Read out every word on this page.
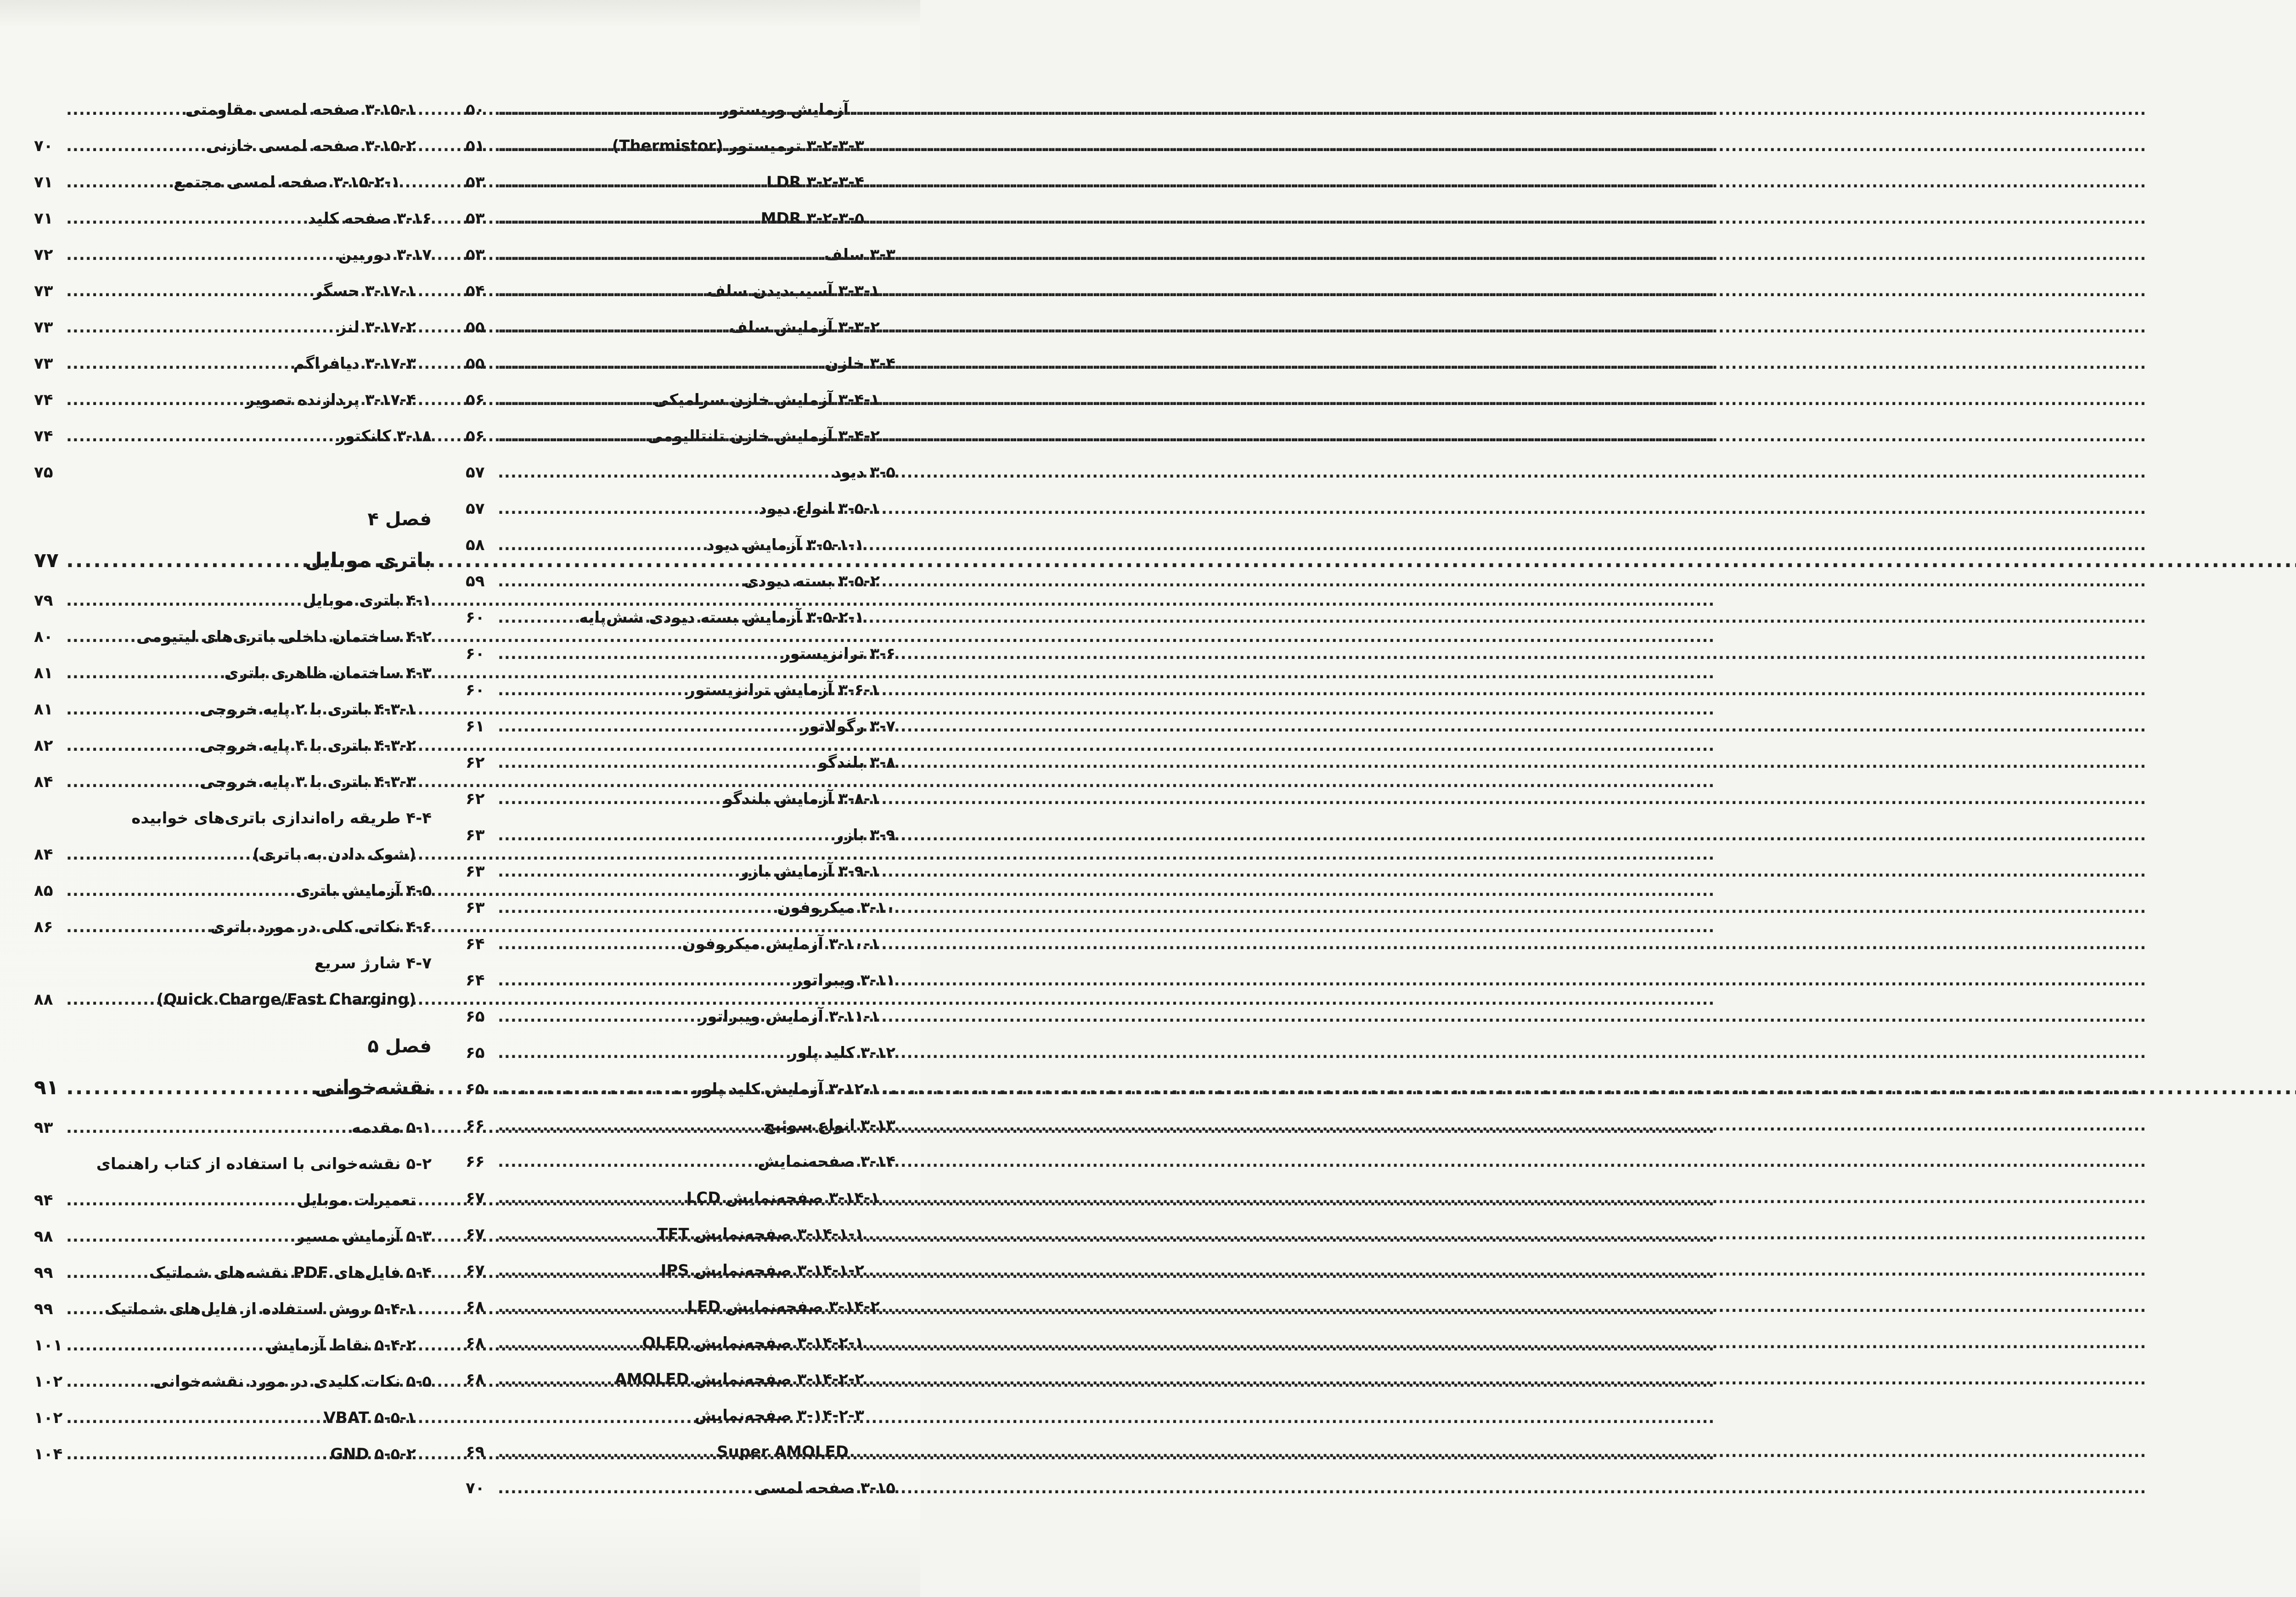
آزمایش وریستور
.....
۵۰
۳-۲-۳-۳ ترمیستور (Thermistor)
.....
۵۱
۳-۲-۳-۴ LDR
.....
۵۳
۳-۲-۳-۵ MDR
.....
۵۳
۳-۳ سلف
.....
۵۳
۳-۳-۱ آسیب‌دیدن سلف
.....
۵۴
۳-۳-۲ آزمایش سلف
.....
۵۵
۳-۴ خازن
.....
۵۵
۳-۴-۱ آزمایش خازن سرامیکی
.....
۵۶
۳-۴-۲ آزمایش خازن تانتالیومی
.....
۵۶
۳-۵ دیود
.....
۵۷
۳-۵-۱ انواع دیود
.....
۵۷
۳-۵-۱-۱ آزمایش دیود
.....
۵۸
۳-۵-۲ بسته دیودی
.....
۵۹
۳-۵-۲-۱ آزمایش بسته دیودی شش‌پایه
.....
۶۰
۳-۶ ترانزیستور
.....
۶۰
۳-۶-۱ آزمایش ترانزیستور
.....
۶۰
۳-۷ رگولاتور
.....
۶۱
۳-۸ بلندگو
.....
۶۲
۳-۸-۱ آزمایش بلندگو
.....
۶۲
۳-۹ بازر
.....
۶۳
۳-۹-۱ آزمایش بازر
.....
۶۳
۳-۱۰ میکروفون
.....
۶۳
۳-۱۰-۱ آزمایش میکروفون
.....
۶۴
۳-۱۱ ویبراتور
.....
۶۴
۳-۱۱-۱ آزمایش ویبراتور
.....
۶۵
۳-۱۲ کلید پاور
.....
۶۵
۳-۱۲-۱ آزمایش کلید پاور
.....
۶۵
۳-۱۳ انواع سوئیچ
.....
۶۶
۳-۱۴ صفحه‌نمایش
.....
۶۶
۳-۱۴-۱ صفحه‌نمایش LCD
.....
۶۷
۳-۱۴-۱-۱ صفحه‌نمایش TFT
.....
۶۷
۳-۱۴-۱-۲ صفحه‌نمایش IPS
.....
۶۷
۳-۱۴-۲ صفحه‌نمایش LED
.....
۶۸
۳-۱۴-۲-۱ صفحه‌نمایش OLED
.....
۶۸
۳-۱۴-۲-۲ صفحه‌نمایش AMOLED
.....
۶۸
۳-۱۴-۲-۳ صفحه‌نمایش
Super AMOLED
.....
۶۹
۳-۱۵ صفحه لمسی
.....
۷۰
۳-۱۵-۱ صفحه لمسی مقاومتی
.....
۳-۱۵-۲ صفحه لمسی خازنی
.....
۷۰
۳-۱۵-۲-۱ صفحه لمسی مجتمع
.....
۷۱
۳-۱۶ صفحه کلید
.....
۷۱
۳-۱۷ دوربین
.....
۷۲
۳-۱۷-۱ حسگر
.....
۷۳
۳-۱۷-۲ لنز
.....
۷۳
۳-۱۷-۳ دیافراگم
.....
۷۳
۳-۱۷-۴ پردازنده تصویر
.....
۷۴
۳-۱۸ کانکتور
.....
۷۴
۷۵
فصل ۴
باتری موبایل
.....
۷۷
۴-۱ باتری موبایل
.....
۷۹
۴-۲ ساختمان داخلی باتری‌های لیتیومی
.....
۸۰
۴-۳ ساختمان ظاهری باتری
.....
۸۱
۴-۳-۱ باتری با ۲ پایه خروجی
.....
۸۱
۴-۳-۲ باتری با ۴ پایه خروجی
.....
۸۲
۴-۳-۳ باتری با ۳ پایه خروجی
.....
۸۴
۴-۴ طریقه راه‌اندازی باتری‌های خوابیده
(شوک دادن به باتری)
.....
۸۴
۴-۵ آزمایش باتری
.....
۸۵
۴-۶ نکاتی کلی در مورد باتری
.....
۸۶
۴-۷ شارژ سریع
(Quick Charge/Fast Charging)
.....
۸۸
فصل ۵
نقشه‌خوانی
.....
۹۱
۵-۱ مقدمه
.....
۹۳
۵-۲ نقشه‌خوانی با استفاده از کتاب راهنمای
تعمیرات موبایل
.....
۹۴
۵-۳ آزمایش مسیر
.....
۹۸
۵-۴ فایل‌های PDF نقشه‌های شماتیک
.....
۹۹
۵-۴-۱ روش استفاده از فایل‌های شماتیک
.....
۹۹
۵-۴-۲ نقاط آزمایش
.....
۱۰۱
۵-۵ نکات کلیدی در مورد نقشه‌خوانی
.....
۱۰۲
۵-۵-۱ VBAT
.....
۱۰۲
۵-۵-۲ GND
.....
۱۰۴
